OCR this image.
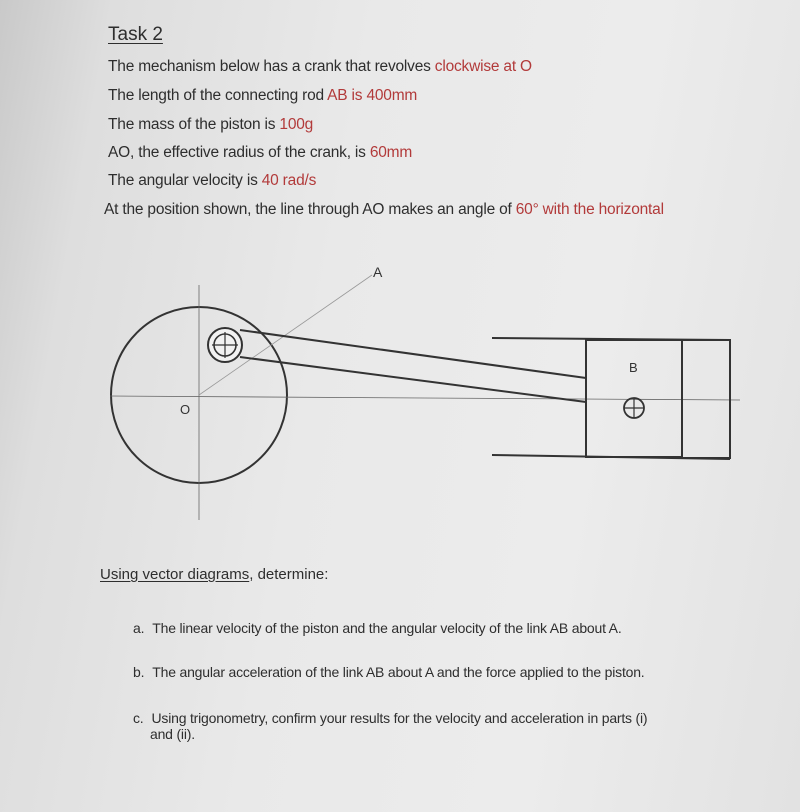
Task 2
The mechanism below has a crank that revolves clockwise at O
The length of the connecting rod AB is 400mm
The mass of the piston is 100g
AO, the effective radius of the crank, is 60mm
The angular velocity is 40 rad/s
At the position shown, the line through AO makes an angle of 60° with the horizontal
A
B
O
Using vector diagrams, determine:
a. The linear velocity of the piston and the angular velocity of the link AB about A.
b. The angular acceleration of the link AB about A and the force applied to the piston.
c. Using trigonometry, confirm your results for the velocity and acceleration in parts (i)
and (ii).
